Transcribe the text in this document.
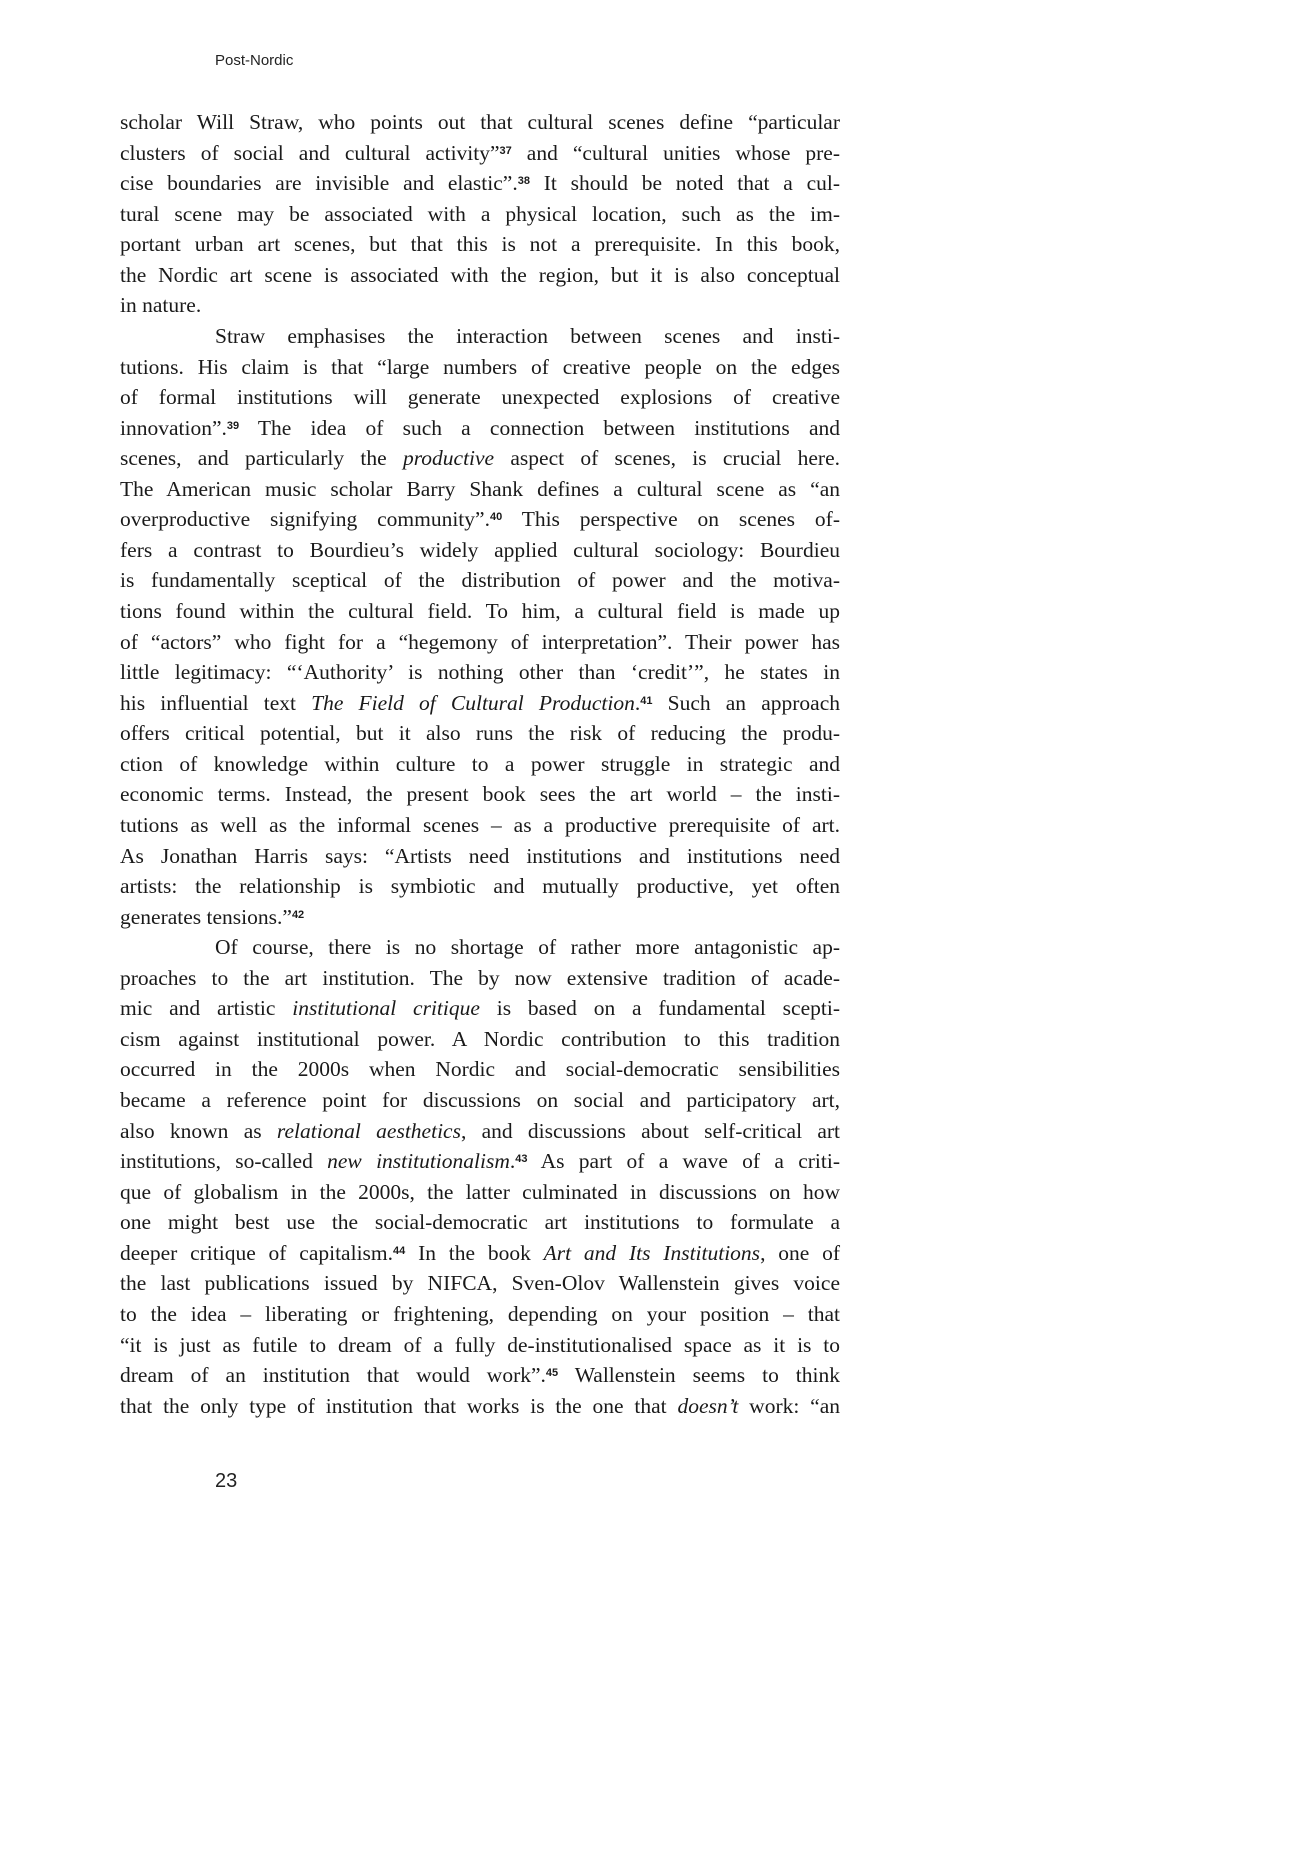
Post-Nordic
scholar Will Straw, who points out that cultural scenes define “particular
clusters of social and cultural activity”$^{37}$ and “cultural unities whose pre-
cise boundaries are invisible and elastic”.$^{38}$ It should be noted that a cul-
tural scene may be associated with a physical location, such as the im-
portant urban art scenes, but that this is not a prerequisite. In this book,
the Nordic art scene is associated with the region, but it is also conceptual
in nature.
Straw emphasises the interaction between scenes and insti-
tutions. His claim is that “large numbers of creative people on the edges
of formal institutions will generate unexpected explosions of creative
innovation”.$^{39}$ The idea of such a connection between institutions and
scenes, and particularly the productive aspect of scenes, is crucial here.
The American music scholar Barry Shank defines a cultural scene as “an
overproductive signifying community”.$^{40}$ This perspective on scenes of-
fers a contrast to Bourdieu’s widely applied cultural sociology: Bourdieu
is fundamentally sceptical of the distribution of power and the motiva-
tions found within the cultural field. To him, a cultural field is made up
of “actors” who fight for a “hegemony of interpretation”. Their power has
little legitimacy: “‘Authority’ is nothing other than ‘credit’”, he states in
his influential text The Field of Cultural Production.$^{41}$ Such an approach
offers critical potential, but it also runs the risk of reducing the produ-
ction of knowledge within culture to a power struggle in strategic and
economic terms. Instead, the present book sees the art world – the insti-
tutions as well as the informal scenes – as a productive prerequisite of art.
As Jonathan Harris says: “Artists need institutions and institutions need
artists: the relationship is symbiotic and mutually productive, yet often
generates tensions.”$^{42}$
Of course, there is no shortage of rather more antagonistic ap-
proaches to the art institution. The by now extensive tradition of acade-
mic and artistic institutional critique is based on a fundamental scepti-
cism against institutional power. A Nordic contribution to this tradition
occurred in the 2000s when Nordic and social-democratic sensibilities
became a reference point for discussions on social and participatory art,
also known as relational aesthetics, and discussions about self-critical art
institutions, so-called new institutionalism.$^{43}$ As part of a wave of a criti-
que of globalism in the 2000s, the latter culminated in discussions on how
one might best use the social-democratic art institutions to formulate a
deeper critique of capitalism.$^{44}$ In the book Art and Its Institutions, one of
the last publications issued by NIFCA, Sven-Olov Wallenstein gives voice
to the idea – liberating or frightening, depending on your position – that
“it is just as futile to dream of a fully de-institutionalised space as it is to
dream of an institution that would work”.$^{45}$ Wallenstein seems to think
that the only type of institution that works is the one that doesn’t work: “an
23
